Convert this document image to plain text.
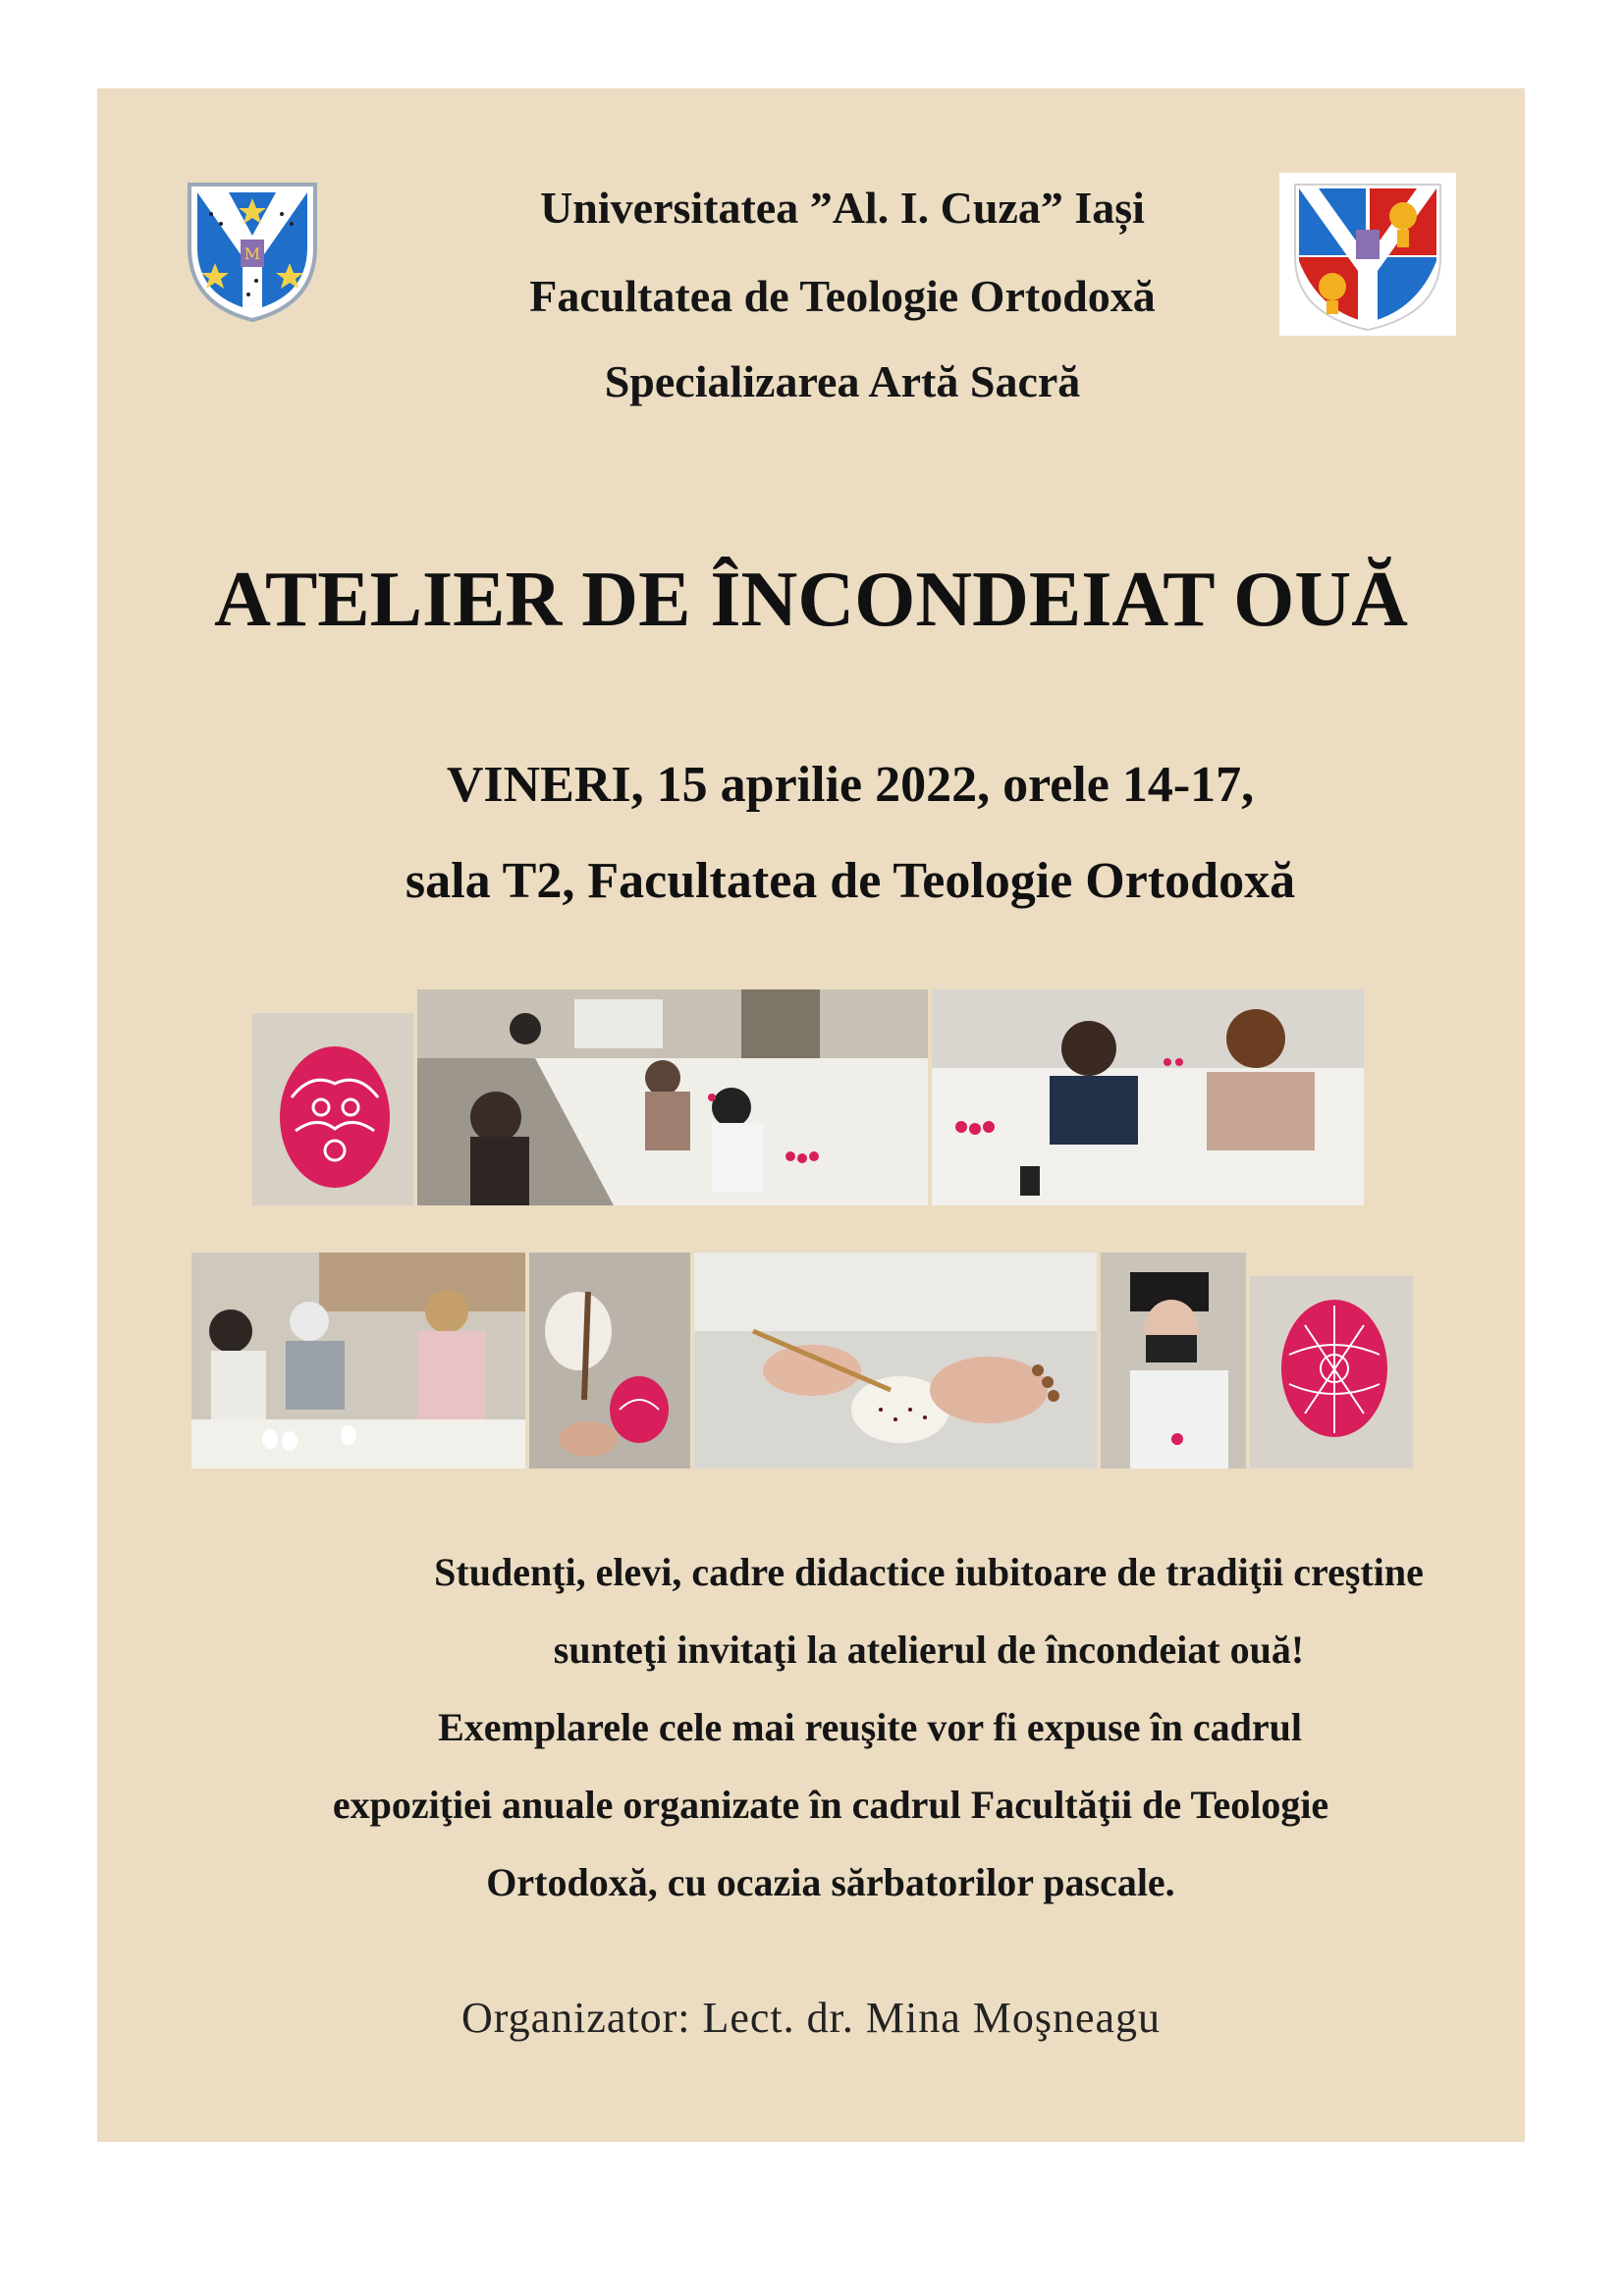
M
Universitatea ”Al. I. Cuza” Iași
Facultatea de Teologie Ortodoxă
Specializarea Artă Sacră
ATELIER DE ÎNCONDEIAT OUĂ
VINERI, 15 aprilie 2022, orele 14-17,
sala T2, Facultatea de Teologie Ortodoxă
Studenţi, elevi, cadre didactice iubitoare de tradiţii creştine
sunteţi invitaţi la atelierul de încondeiat ouă!
Exemplarele cele mai reuşite vor fi expuse în cadrul
expoziţiei anuale organizate în cadrul Facultăţii de Teologie
Ortodoxă, cu ocazia sărbatorilor pascale.
Organizator: Lect. dr. Mina Moşneagu
